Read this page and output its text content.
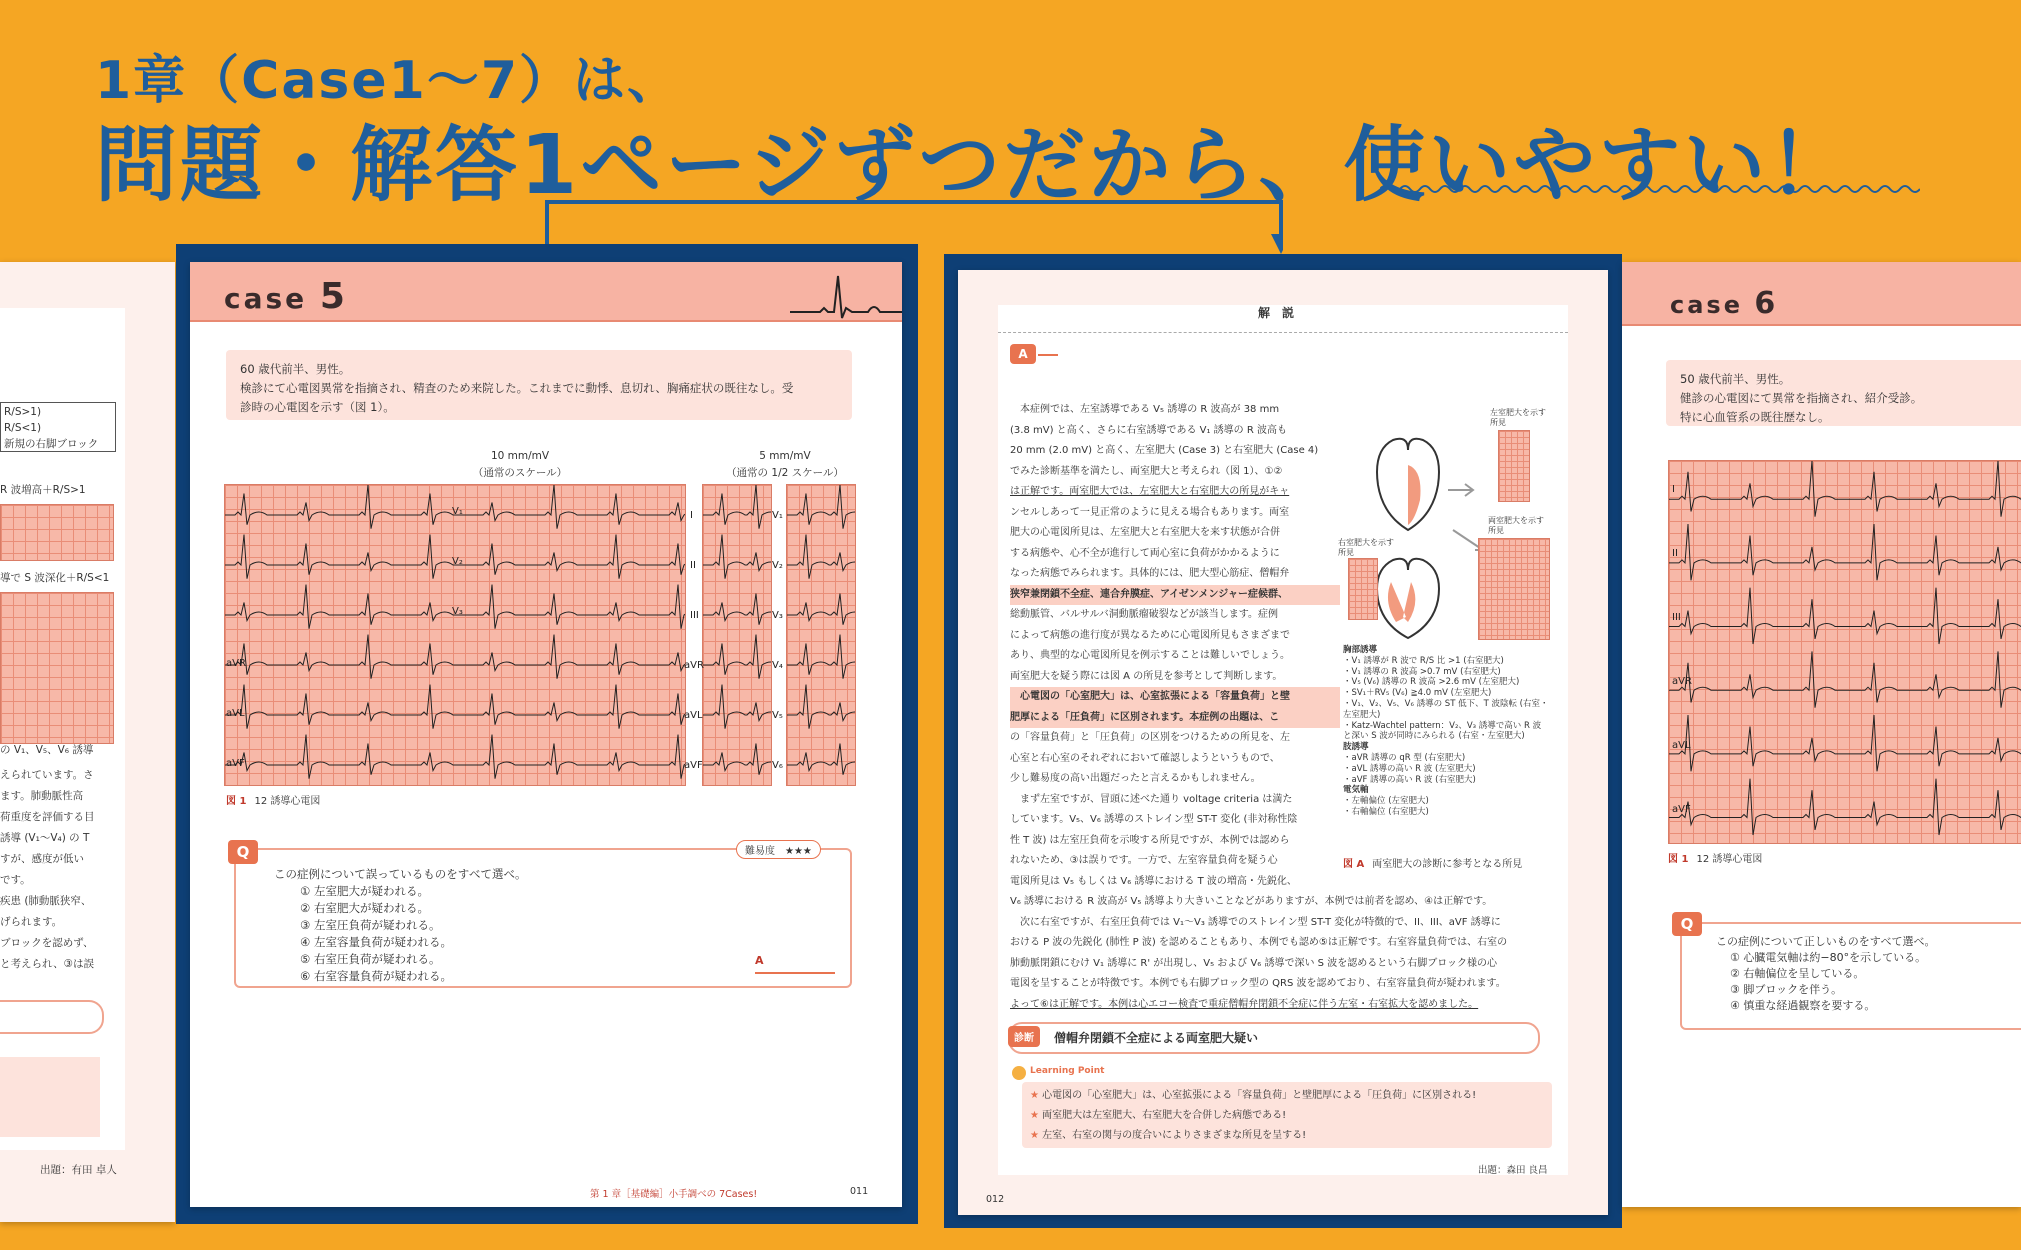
1章（Case1～7）は、
問題・解答1ページずつだから、使いやすい！
R/S>1)
R/S<1)
新規の右脚ブロック
R 波増高＋R/S>1
導で S 波深化＋R/S<1
の V₁、V₅、V₆ 誘導
えられています。さ
ます。肺動脈性高
荷重度を評価する目
誘導 (V₁～V₄) の T
すが、感度が低い
です。
疾患 (肺動脈狭窄、
げられます。
ブロックを認めず、
と考えられ、③は誤
出題：有田 卓人
case 5
60 歳代前半、男性。
検診にて心電図異常を指摘され、精査のため来院した。これまでに動悸、息切れ、胸痛症状の既往なし。受
診時の心電図を示す（図 1）。
10 mm/mV
（通常のスケール）
5 mm/mV
（通常の 1/2 スケール）
V₁
V₂
V₃
aVR
aVL
aVF
I
II
III
aVR
aVL
aVF
V₁
V₂
V₃
V₄
V₅
V₆
図 1 12 誘導心電図
Q	難易度　★★★
この症例について誤っているものをすべて選べ。
① 左室肥大が疑われる。
② 右室肥大が疑われる。
③ 左室圧負荷が疑われる。
④ 左室容量負荷が疑われる。
⑤ 右室圧負荷が疑われる。
⑥ 右室容量負荷が疑われる。
A
第 1 章［基礎編］小手調べの 7Cases!	011
解　説
A
本症例では、左室誘導である V₅ 誘導の R 波高が 38 mm
(3.8 mV) と高く、さらに右室誘導である V₁ 誘導の R 波高も
20 mm (2.0 mV) と高く、左室肥大 (Case 3) と右室肥大 (Case 4)
でみた診断基準を満たし、両室肥大と考えられ（図 1）、①②
は正解です。両室肥大では、左室肥大と右室肥大の所見がキャ
ンセルしあって一見正常のように見える場合もあります。両室
肥大の心電図所見は、左室肥大と右室肥大を来す状態が合併
する病態や、心不全が進行して両心室に負荷がかかるように
なった病態でみられます。具体的には、肥大型心筋症、僧帽弁
狭窄兼閉鎖不全症、連合弁膜症、アイゼンメンジャー症候群、
総動脈管、バルサルバ洞動脈瘤破裂などが該当します。症例
によって病態の進行度が異なるために心電図所見もさまざまで
あり、典型的な心電図所見を例示することは難しいでしょう。
両室肥大を疑う際には図 A の所見を参考として判断します。
心電図の「心室肥大」は、心室拡張による「容量負荷」と壁
肥厚による「圧負荷」に区別されます。本症例の出題は、こ
の「容量負荷」と「圧負荷」の区別をつけるための所見を、左
心室と右心室のそれぞれにおいて確認しようというもので、
少し難易度の高い出題だったと言えるかもしれません。
まず左室ですが、冒頭に述べた通り voltage criteria は満た
しています。V₅、V₆ 誘導のストレイン型 ST-T 変化 (非対称性陰
性 T 波) は左室圧負荷を示唆する所見ですが、本例では認めら
れないため、③は誤りです。一方で、左室容量負荷を疑う心
電図所見は V₅ もしくは V₆ 誘導における T 波の増高・先鋭化、
V₆ 誘導における R 波高が V₅ 誘導より大きいことなどがありますが、本例では前者を認め、④は正解です。
次に右室ですが、右室圧負荷では V₁～V₃ 誘導でのストレイン型 ST-T 変化が特徴的で、II、III、aVF 誘導に
おける P 波の先鋭化 (肺性 P 波) を認めることもあり、本例でも認め⑤は正解です。右室容量負荷では、右室の
肺動脈閉鎖にむけ V₁ 誘導に R' が出現し、V₅ および V₆ 誘導で深い S 波を認めるという右脚ブロック様の心
電図を呈することが特徴です。本例でも右脚ブロック型の QRS 波を認めており、右室容量負荷が疑われます。
よって⑥は正解です。本例は心エコー検査で重症僧帽弁閉鎖不全症に伴う左室・右室拡大を認めました。
左室肥大を示す所見
両室肥大を示す所見
右室肥大を示す所見
胸部誘導
・V₁ 誘導が R 波で R/S 比 >1 (右室肥大)
・V₁ 誘導の R 波高 >0.7 mV (右室肥大)
・V₅ (V₆) 誘導の R 波高 >2.6 mV (左室肥大)
・SV₁＋RV₅ (V₆) ≧4.0 mV (左室肥大)
・V₁、V₂、V₅、V₆ 誘導の ST 低下、T 波陰転 (右室・
左室肥大)
・Katz-Wachtel pattern：V₂、V₃ 誘導で高い R 波
と深い S 波が同時にみられる (右室・左室肥大)
肢誘導
・aVR 誘導の qR 型 (右室肥大)
・aVL 誘導の高い R 波 (左室肥大)
・aVF 誘導の高い R 波 (右室肥大)
電気軸
・左軸偏位 (左室肥大)
・右軸偏位 (右室肥大)
図 A 両室肥大の診断に参考となる所見
診断	僧帽弁閉鎖不全症による両室肥大疑い
Learning Point
★ 心電図の「心室肥大」は、心室拡張による「容量負荷」と壁肥厚による「圧負荷」に区別される!
★ 両室肥大は左室肥大、右室肥大を合併した病態である!
★ 左室、右室の関与の度合いによりさまざまな所見を呈する!
出題：森田 良昌
012
case 6
50 歳代前半、男性。
健診の心電図にて異常を指摘され、紹介受診。
特に心血管系の既往歴なし。
I
II
III
aVR
aVL
aVF
図 1 12 誘導心電図
Q
この症例について正しいものをすべて選べ。
① 心臓電気軸は約−80°を示している。
② 右軸偏位を呈している。
③ 脚ブロックを伴う。
④ 慎重な経過観察を要する。
